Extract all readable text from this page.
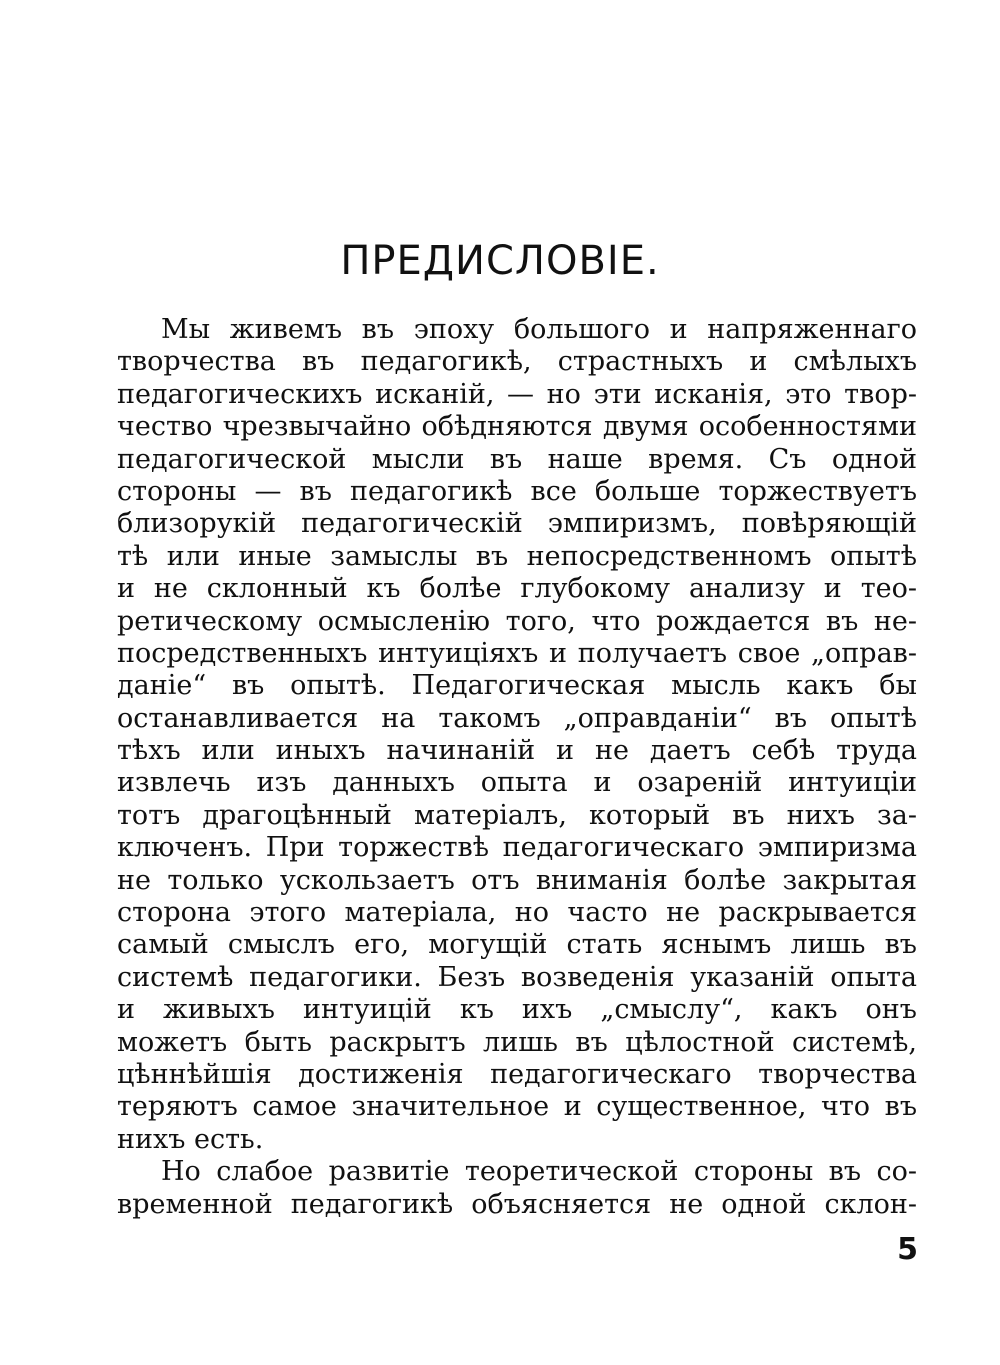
ПРЕДИСЛОВІЕ.
Мы живемъ въ эпоху большого и напряженнаго
творчества въ педагогикѣ, страстныхъ и смѣлыхъ
педагогическихъ исканій, — но эти исканія, это твор-
чество чрезвычайно обѣдняются двумя особенностями
педагогической мысли въ наше время. Съ одной
стороны — въ педагогикѣ все больше торжествуетъ
близорукій педагогическій эмпиризмъ, повѣряющій
тѣ или иные замыслы въ непосредственномъ опытѣ
и не склонный къ болѣе глубокому анализу и тео-
ретическому осмысленію того, что рождается въ не-
посредственныхъ интуиціяхъ и получаетъ свое „оправ-
даніе“ въ опытѣ. Педагогическая мысль какъ бы
останавливается на такомъ „оправданіи“ въ опытѣ
тѣхъ или иныхъ начинаній и не даетъ себѣ труда
извлечь изъ данныхъ опыта и озареній интуиціи
тотъ драгоцѣнный матеріалъ, который въ нихъ за-
ключенъ. При торжествѣ педагогическаго эмпиризма
не только ускользаетъ отъ вниманія болѣе закрытая
сторона этого матеріала, но часто не раскрывается
самый смыслъ его, могущій стать яснымъ лишь въ
системѣ педагогики. Безъ возведенія указаній опыта
и живыхъ интуицій къ ихъ „смыслу“, какъ онъ
можетъ быть раскрытъ лишь въ цѣлостной системѣ,
цѣннѣйшія достиженія педагогическаго творчества
теряютъ самое значительное и существенное, что въ
нихъ есть.
Но слабое развитіе теоретической стороны въ со-
временной педагогикѣ объясняется не одной склон-
5
